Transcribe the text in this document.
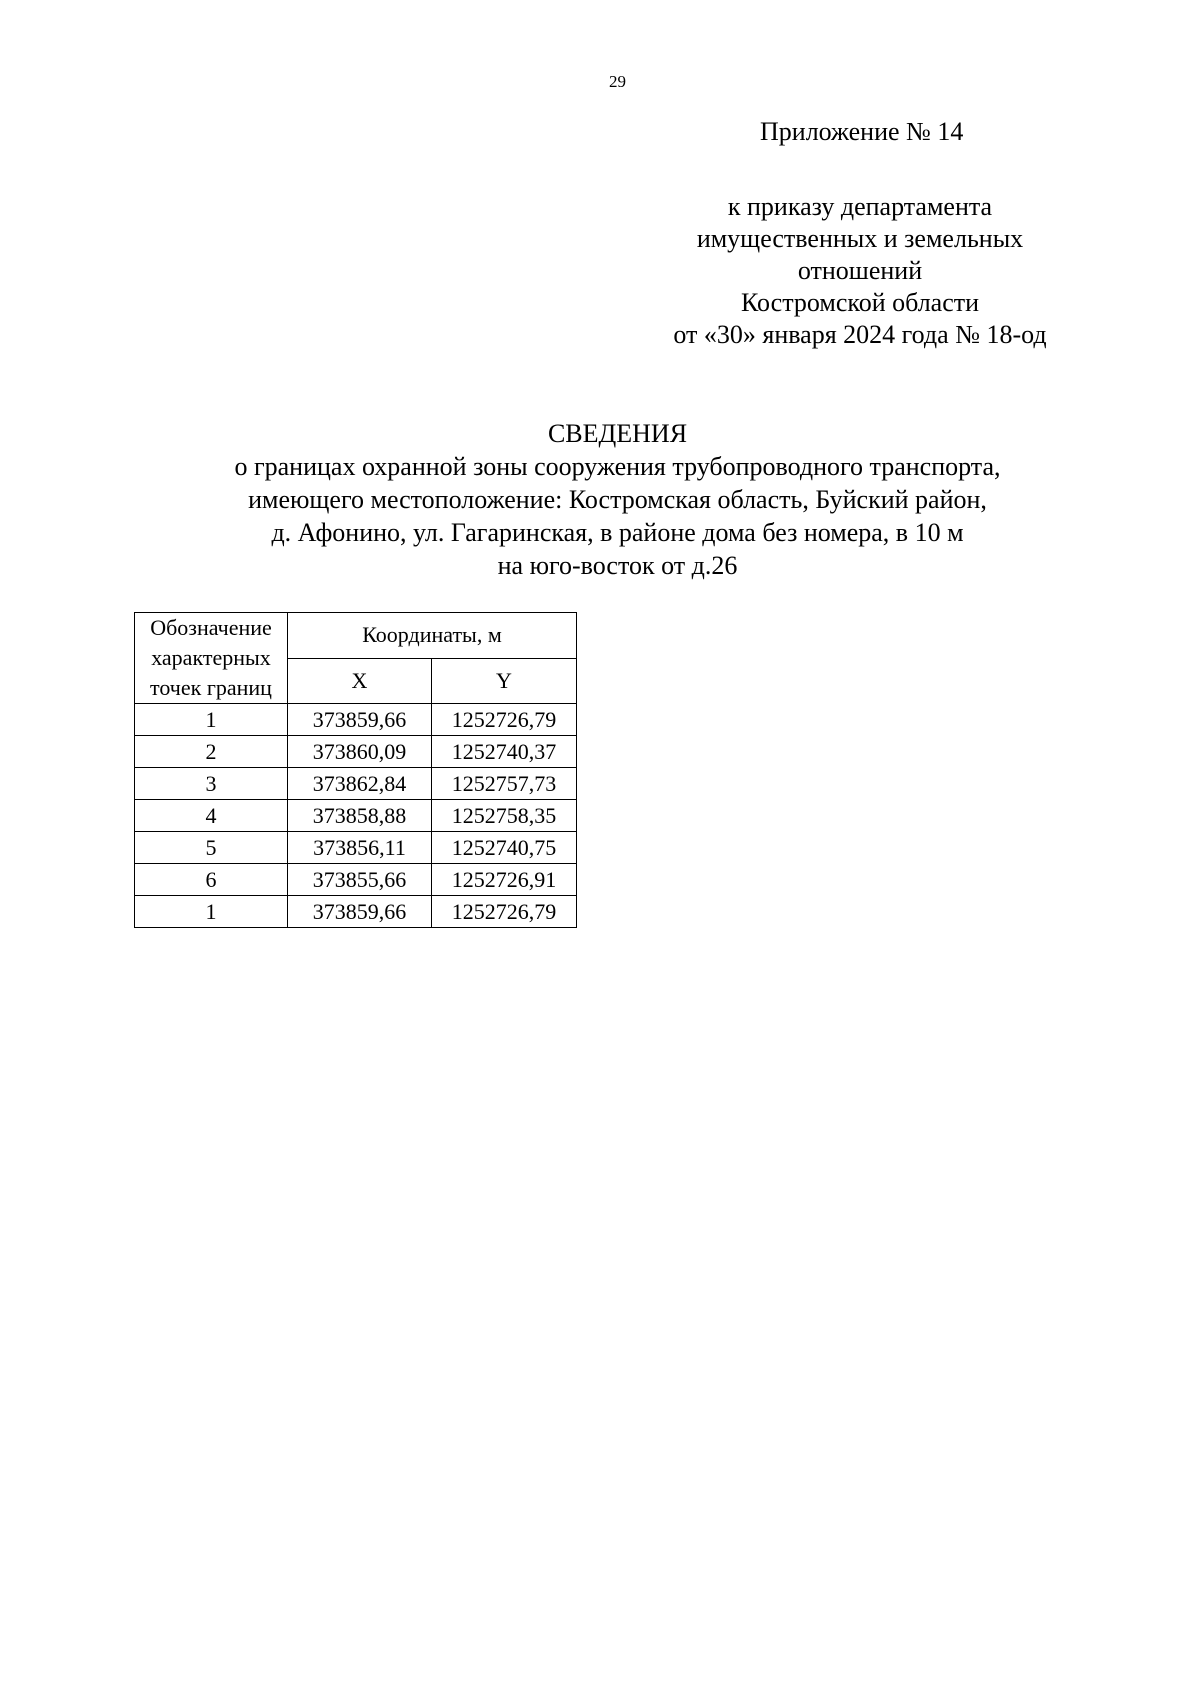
29
Приложение № 14
к приказу департамента
имущественных и земельных
отношений
Костромской области
от «30» января 2024 года № 18-од
СВЕДЕНИЯ
о границах охранной зоны сооружения трубопроводного транспорта,
имеющего местоположение: Костромская область, Буйский район,
д. Афонино, ул. Гагаринская, в районе дома без номера, в 10 м
на юго-восток от д.26
Обозначение
характерных
точек границ	Координаты, м	
	X	Y
1	373859,66	1252726,79
2	373860,09	1252740,37
3	373862,84	1252757,73
4	373858,88	1252758,35
5	373856,11	1252740,75
6	373855,66	1252726,91
1	373859,66	1252726,79
